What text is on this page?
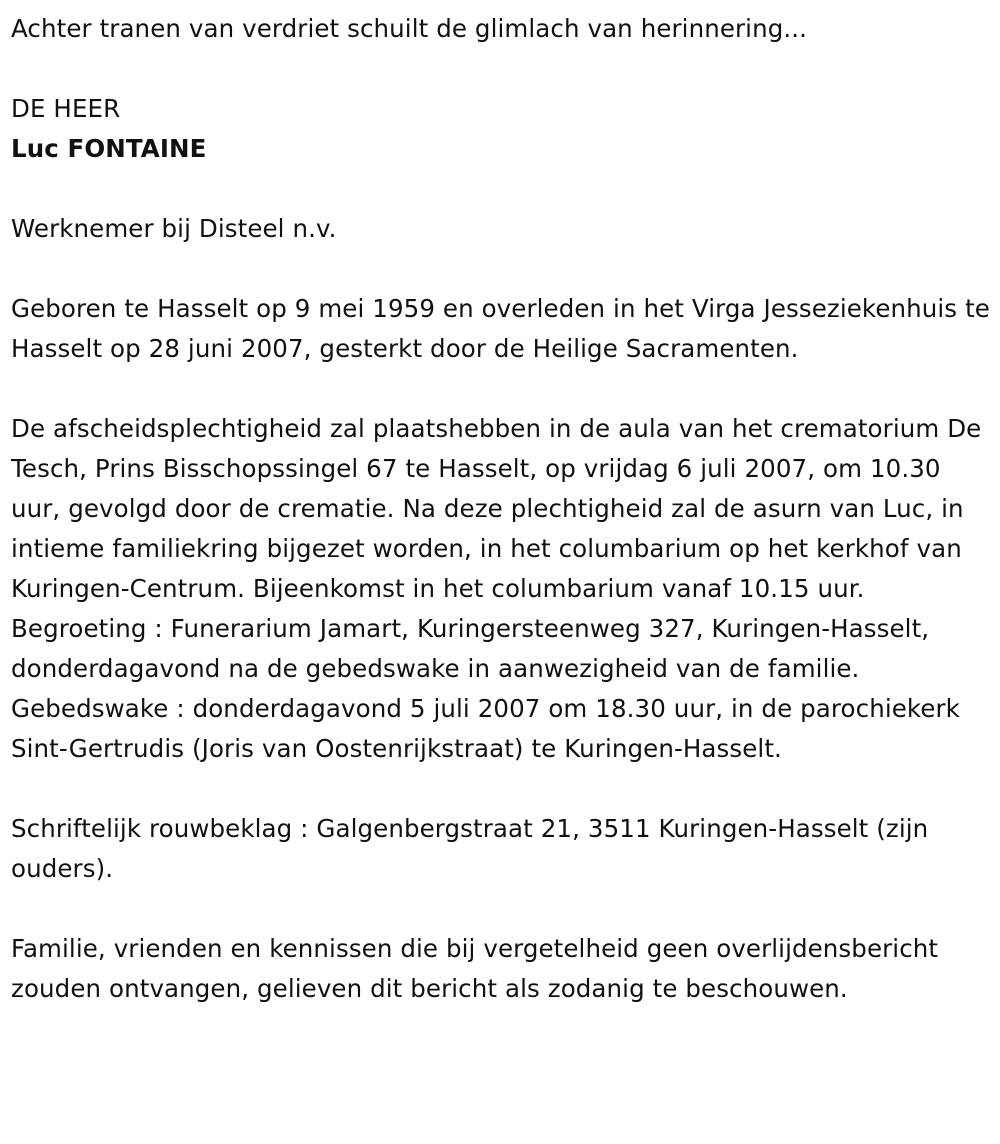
Achter tranen van verdriet schuilt de glimlach van herinnering...

DE HEER

Luc FONTAINE

Werknemer bij Disteel n.v.

Geboren te Hasselt op 9 mei 1959 en overleden in het Virga Jesseziekenhuis te Hasselt op 28 juni 2007, gesterkt door de Heilige Sacramenten.

De afscheidsplechtigheid zal plaatshebben in de aula van het crematorium De Tesch, Prins Bisschopssingel 67 te Hasselt, op vrijdag 6 juli 2007, om 10.30 uur, gevolgd door de crematie. Na deze plechtigheid zal de asurn van Luc, in intieme familiekring bijgezet worden, in het columbarium op het kerkhof van Kuringen-Centrum. Bijeenkomst in het columbarium vanaf 10.15 uur. Begroeting : Funerarium Jamart, Kuringersteenweg 327, Kuringen-Hasselt, donderdagavond na de gebedswake in aanwezigheid van de familie. Gebedswake : donderdagavond 5 juli 2007 om 18.30 uur, in de parochiekerk Sint-Gertrudis (Joris van Oostenrijkstraat) te Kuringen-Hasselt.

Schriftelijk rouwbeklag : Galgenbergstraat 21, 3511 Kuringen-Hasselt (zijn ouders).

Familie, vrienden en kennissen die bij vergetelheid geen overlijdensbericht zouden ontvangen, gelieven dit bericht als zodanig te beschouwen.
